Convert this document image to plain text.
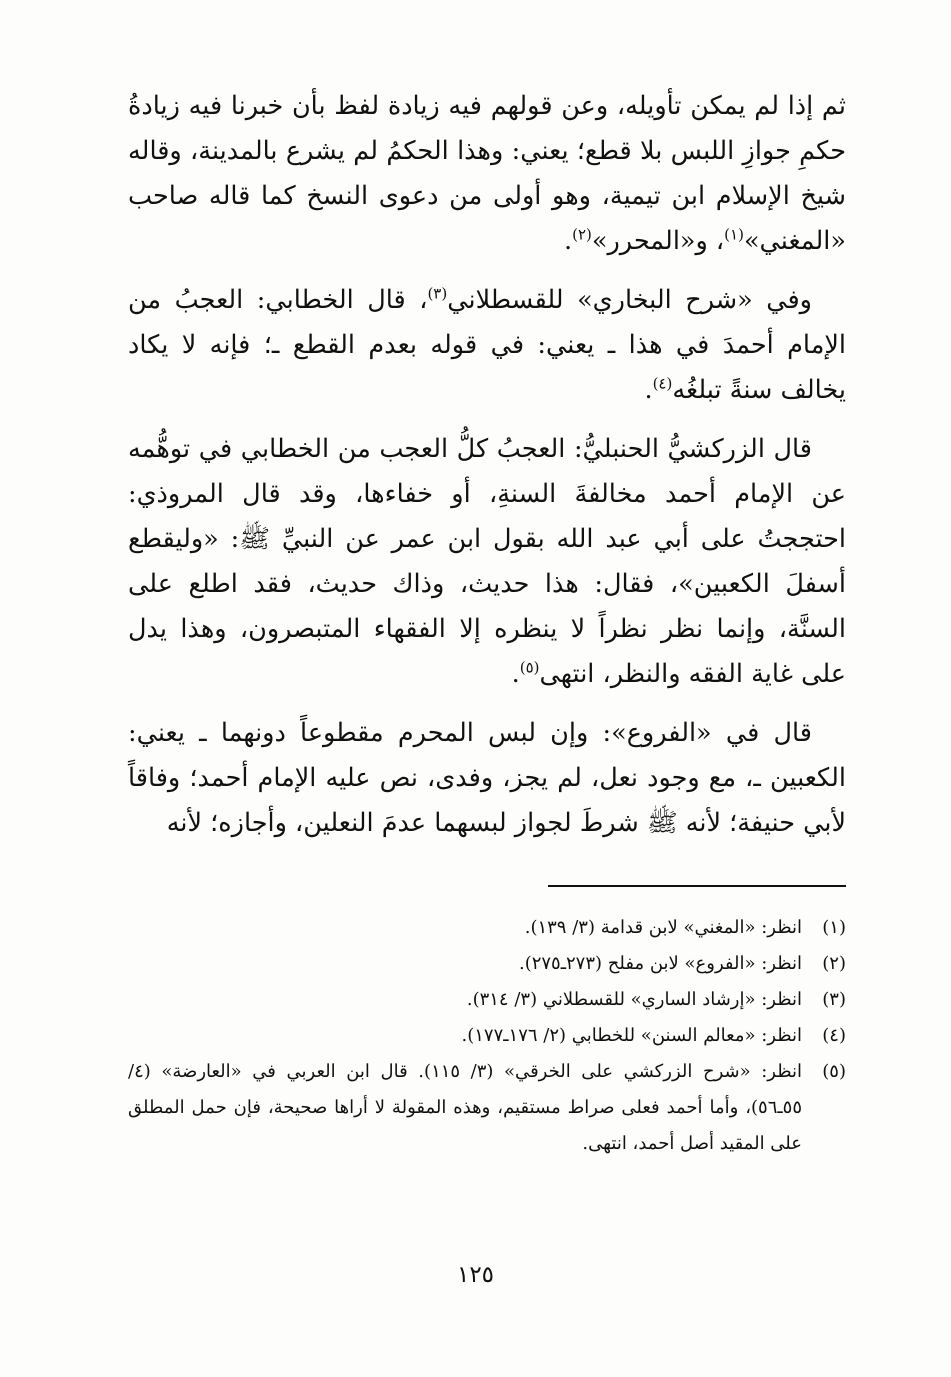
ثم إذا لم يمكن تأويله، وعن قولهم فيه زيادة لفظ بأن خبرنا فيه زيادةُ حكمِ جوازِ اللبس بلا قطع؛ يعني: وهذا الحكمُ لم يشرع بالمدينة، وقاله شيخ الإسلام ابن تيمية، وهو أولى من دعوى النسخ كما قاله صاحب «المغني»$^{(١)}$، و«المحرر»$^{(٢)}$.

وفي «شرح البخاري» للقسطلاني$^{(٣)}$، قال الخطابي: العجبُ من الإمام أحمدَ في هذا ـ يعني: في قوله بعدم القطع ـ؛ فإنه لا يكاد يخالف سنةً تبلغُه$^{(٤)}$.

قال الزركشيُّ الحنبليُّ: العجبُ كلُّ العجب من الخطابي في توهُّمه عن الإمام أحمد مخالفةَ السنةِ، أو خفاءها، وقد قال المروذي: احتججتُ على أبي عبد الله بقول ابن عمر عن النبيِّ ﷺ: «وليقطع أسفلَ الكعبين»، فقال: هذا حديث، وذاك حديث، فقد اطلع على السنَّة، وإنما نظر نظراً لا ينظره إلا الفقهاء المتبصرون، وهذا يدل على غاية الفقه والنظر، انتهى$^{(٥)}$.

قال في «الفروع»: وإن لبس المحرم مقطوعاً دونهما ـ يعني: الكعبين ـ، مع وجود نعل، لم يجز، وفدى، نص عليه الإمام أحمد؛ وفاقاً لأبي حنيفة؛ لأنه ﷺ شرطَ لجواز لبسهما عدمَ النعلين، وأجازه؛ لأنه

(١)
انظر: «المغني» لابن قدامة (٣/ ١٣٩).
(٢)
انظر: «الفروع» لابن مفلح (٢٧٣ـ٢٧٥).
(٣)
انظر: «إرشاد الساري» للقسطلاني (٣/ ٣١٤).
(٤)
انظر: «معالم السنن» للخطابي (٢/ ١٧٦ـ١٧٧).
(٥)
انظر: «شرح الزركشي على الخرقي» (٣/ ١١٥). قال ابن العربي في «العارضة» (٤/ ٥٥ـ٥٦)، وأما أحمد فعلى صراط مستقيم، وهذه المقولة لا أراها صحيحة، فإن حمل المطلق على المقيد أصل أحمد، انتهى.
١٢٥
